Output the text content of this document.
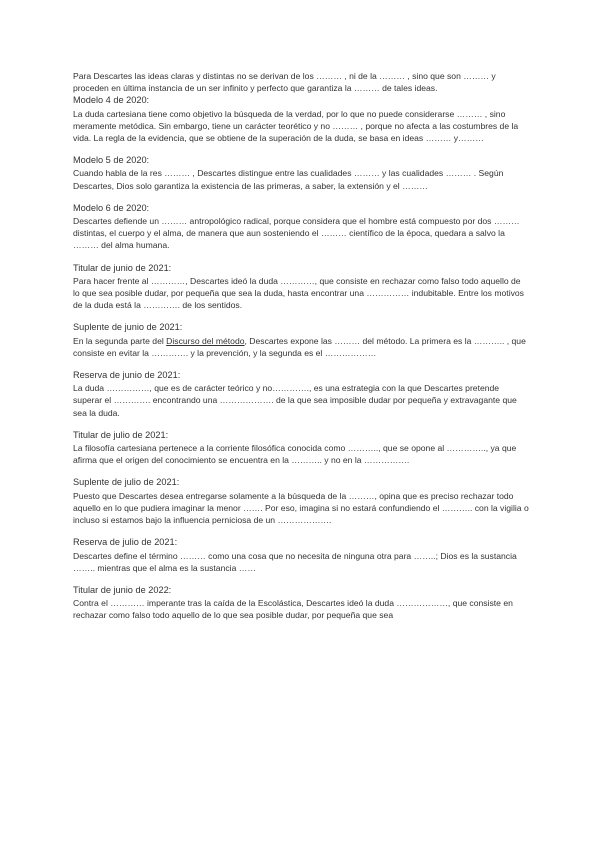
Para Descartes las ideas claras y distintas no se derivan de los ……… , ni de la ……… , sino que son ……… y proceden en última instancia de un ser infinito y perfecto que garantiza la ……… de tales ideas.

Modelo 4 de 2020:

La duda cartesiana tiene como objetivo la búsqueda de la verdad, por lo que no puede considerarse ……… , sino meramente metódica. Sin embargo, tiene un carácter teorético y no ……… , porque no afecta a las costumbres de la vida. La regla de la evidencia, que se obtiene de la superación de la duda, se basa en ideas ……… y………

Modelo 5 de 2020:

Cuando habla de la res ……… , Descartes distingue entre las cualidades ……… y las cualidades ……… . Según Descartes, Dios solo garantiza la existencia de las primeras, a saber, la extensión y el ………

Modelo 6 de 2020:

Descartes defiende un ……… antropológico radical, porque considera que el hombre está compuesto por dos ……… distintas, el cuerpo y el alma, de manera que aun sosteniendo el ……… científico de la época, quedara a salvo la ……… del alma humana.

Titular de junio de 2021:

Para hacer frente al …………, Descartes ideó la duda …………, que consiste en rechazar como falso todo aquello de lo que sea posible dudar, por pequeña que sea la duda, hasta encontrar una …………… indubitable. Entre los motivos de la duda está la …………. de los sentidos.

Suplente de junio de 2021:

En la segunda parte del Discurso del método, Descartes expone las ……… del método. La primera es la ……….. , que consiste en evitar la …………. y la prevención, y la segunda es el ………………

Reserva de junio de 2021:

La duda ……………, que es de carácter teórico y no…………., es una estrategia con la que Descartes pretende superar el …………. encontrando una ………………. de la que sea imposible dudar por pequeña y extravagante que sea la duda.

Titular de julio de 2021:

La filosofía cartesiana pertenece a la corriente filosófica conocida como ……….., que se opone al ………….., ya que afirma que el origen del conocimiento se encuentra en la ……….. y no en la …………….

Suplente de julio de 2021:

Puesto que Descartes desea entregarse solamente a la búsqueda de la ………, opina que es preciso rechazar todo aquello en lo que pudiera imaginar la menor ……. Por eso, imagina si no estará confundiendo el ……….. con la vigilia o incluso si estamos bajo la influencia perniciosa de un ……………….

Reserva de julio de 2021:

Descartes define el término ……… como una cosa que no necesita de ninguna otra para ……..; Dios es la sustancia …….. mientras que el alma es la sustancia ……

Titular de junio de 2022:

Contra el ………… imperante tras la caída de la Escolástica, Descartes ideó la duda ………………, que consiste en rechazar como falso todo aquello de lo que sea posible dudar, por pequeña que sea
